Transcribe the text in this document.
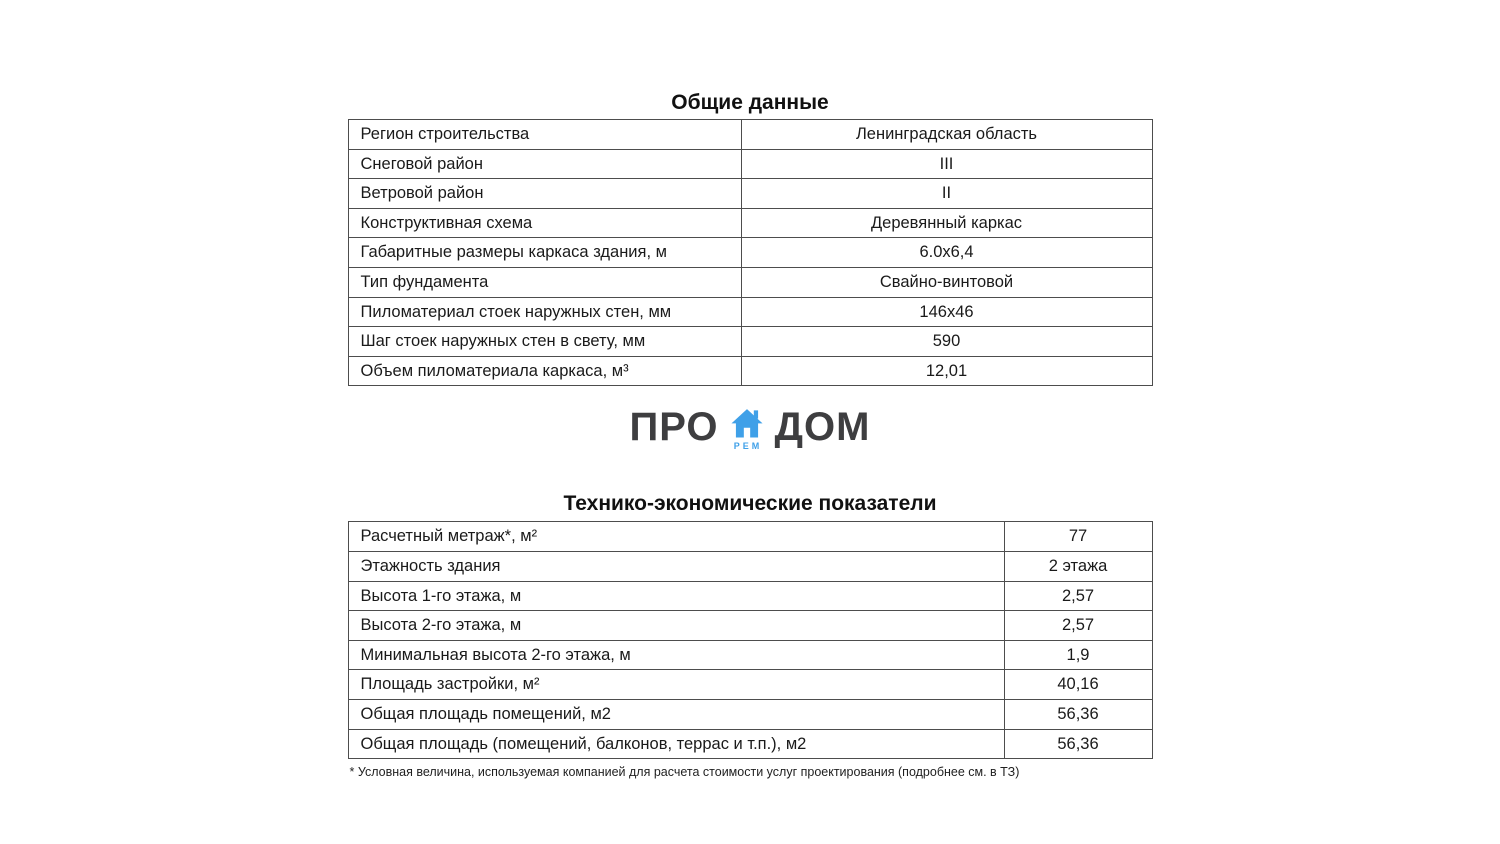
Общие данные
Регион строительства	Ленинградская область
Снеговой район	III
Ветровой район	II
Конструктивная схема	Деревянный каркас
Габаритные размеры каркаса здания, м	6.0x6,4
Тип фундамента	Свайно-винтовой
Пиломатериал стоек наружных стен, мм	146x46
Шаг стоек наружных стен в свету, мм	590
Объем пиломатериала каркаса, м³	12,01
ПРО РЕМ ДОМ
Технико-экономические показатели
Расчетный метраж*, м²	77
Этажность здания	2 этажа
Высота 1-го этажа, м	2,57
Высота 2-го этажа, м	2,57
Минимальная высота 2-го этажа, м	1,9
Площадь застройки, м²	40,16
Общая площадь помещений, м2	56,36
Общая площадь (помещений, балконов, террас и т.п.), м2	56,36
* Условная величина, используемая компанией для расчета стоимости услуг проектирования (подробнее см. в ТЗ)
